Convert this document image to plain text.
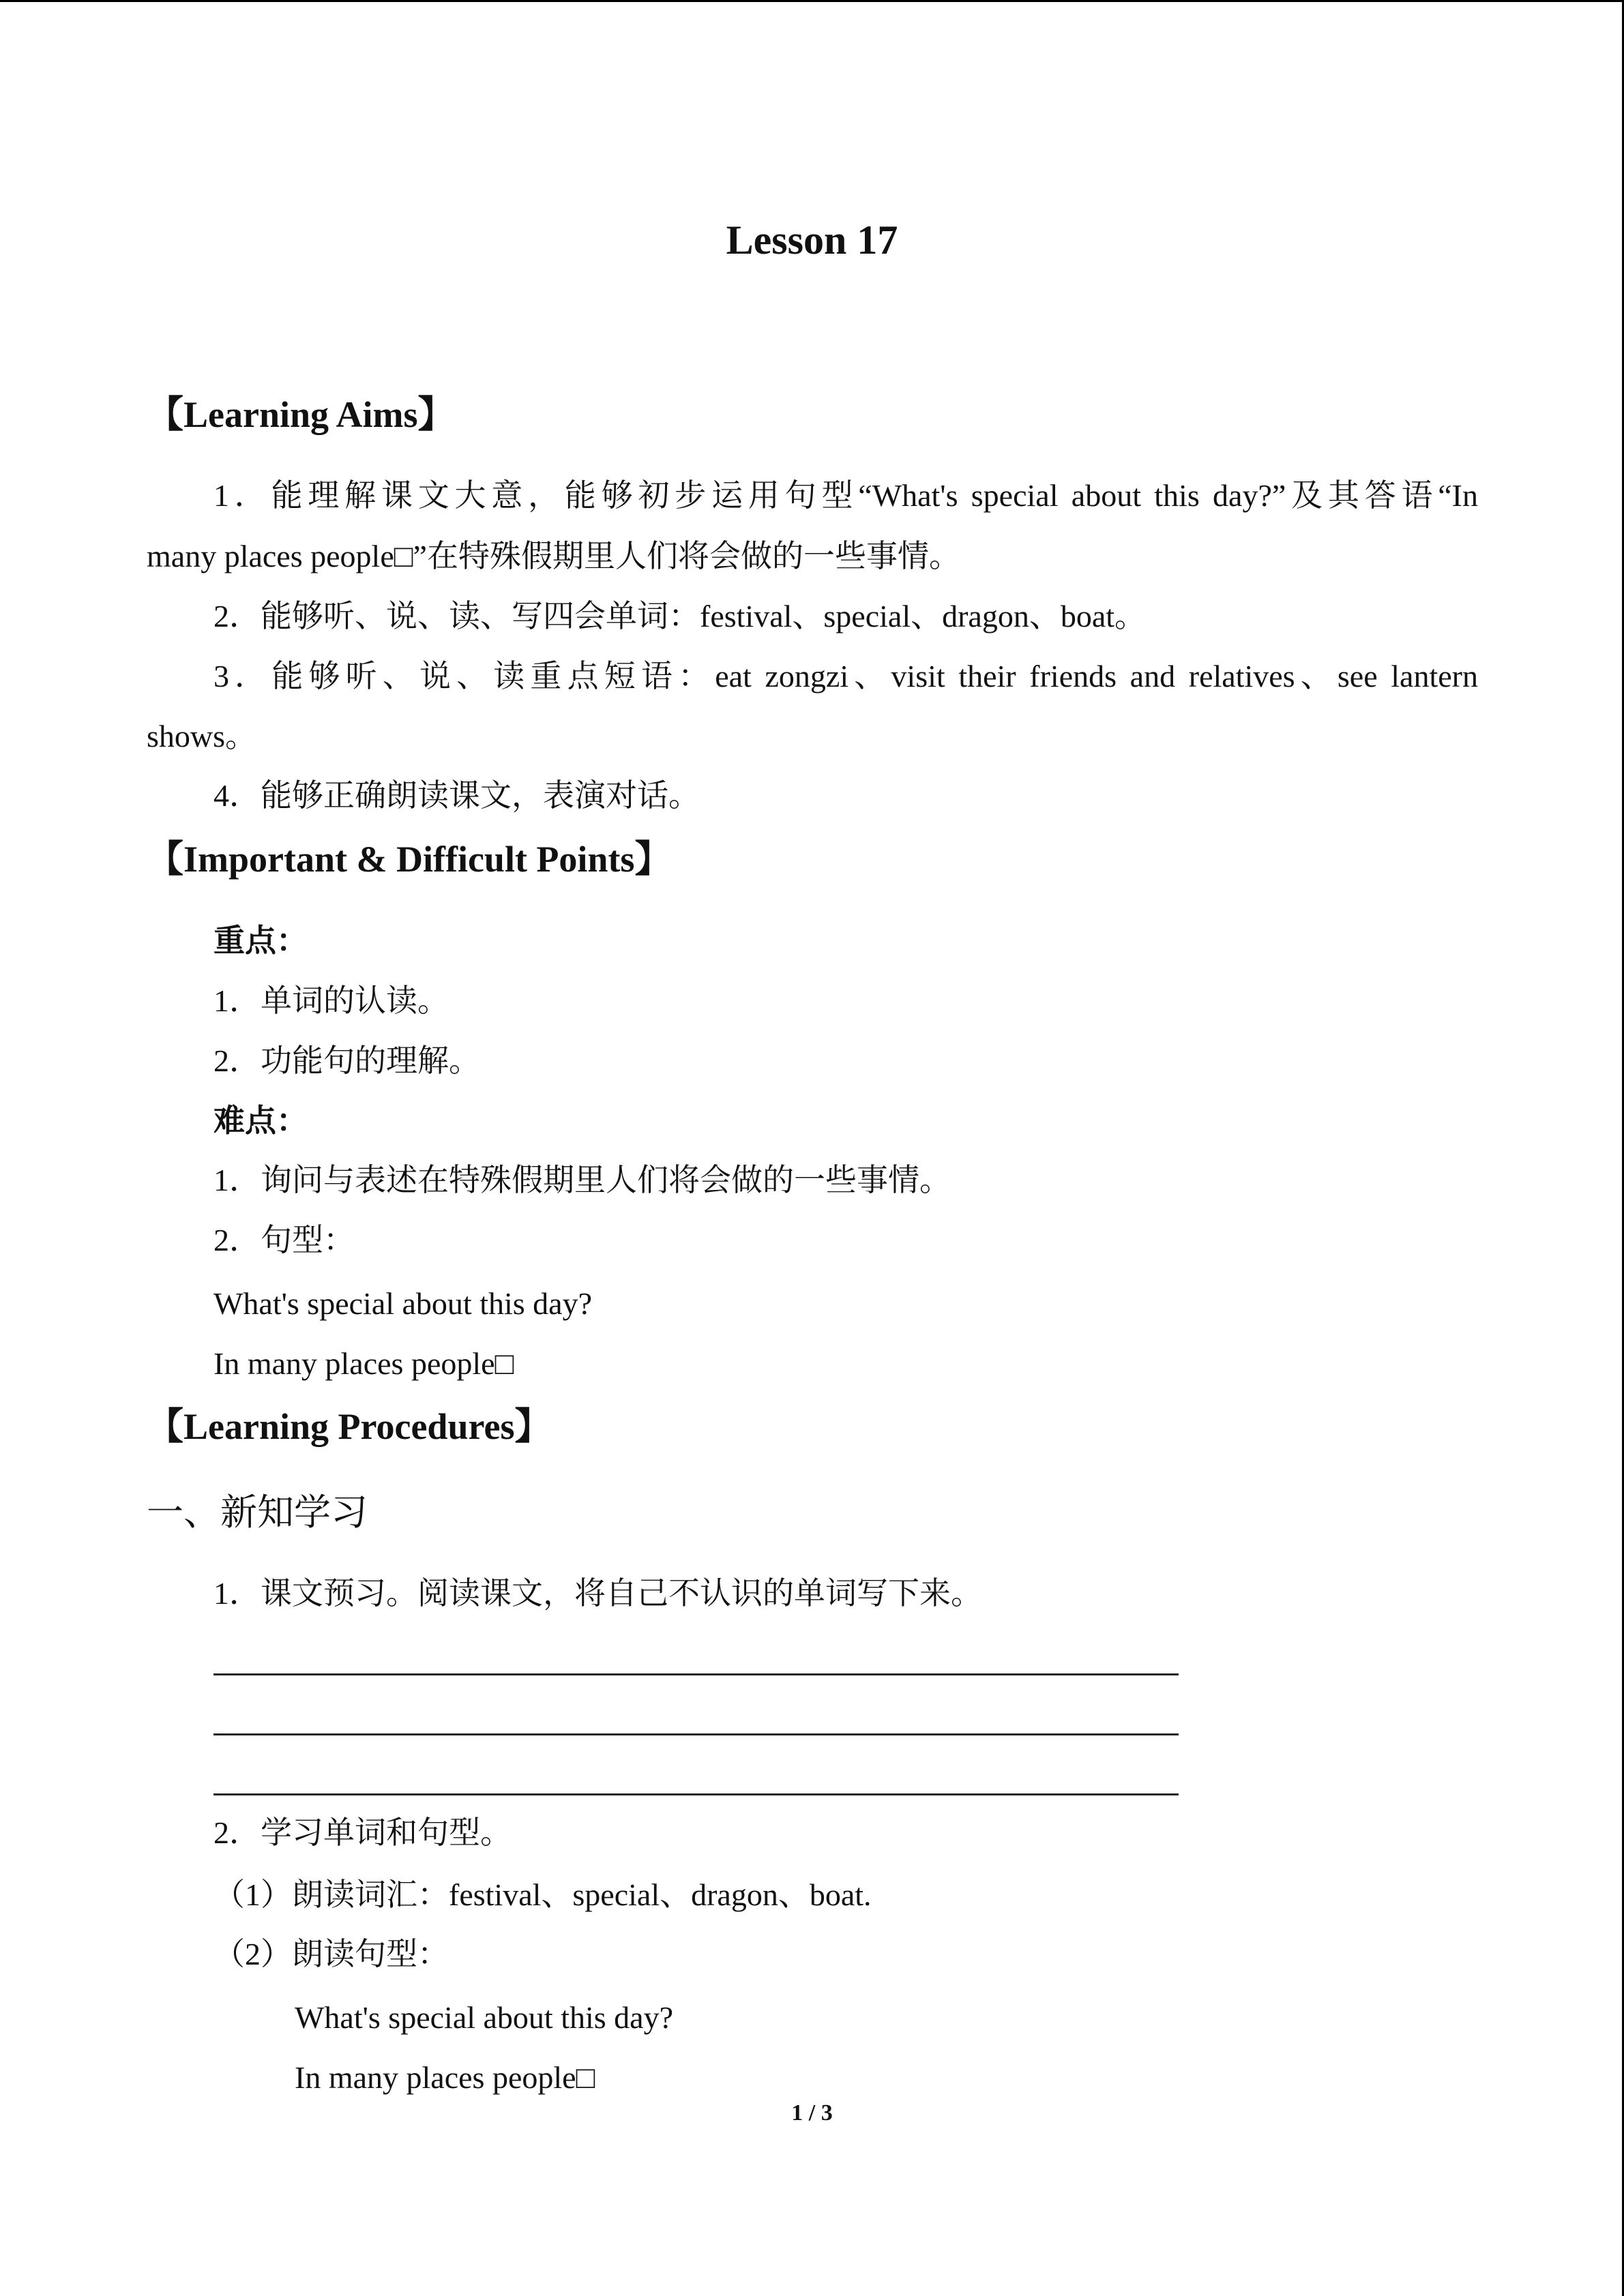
Lesson 17
【Learning Aims】
1．能理解课文大意，能够初步运用句型“What's special about this day?”及其答语“In
many places people□”在特殊假期里人们将会做的一些事情。
2．能够听、说、读、写四会单词：festival、special、dragon、boat。
3．能够听、说、读重点短语：eat zongzi、visit their friends and relatives、see lantern
shows。
4．能够正确朗读课文，表演对话。
【Important & Difficult Points】
重点：
1．单词的认读。
2．功能句的理解。
难点：
1．询问与表述在特殊假期里人们将会做的一些事情。
2．句型：
What's special about this day?
In many places people□
【Learning Procedures】
一、新知学习
1．课文预习。阅读课文，将自己不认识的单词写下来。
2．学习单词和句型。
（1）朗读词汇：festival、special、dragon、boat.
（2）朗读句型：
What's special about this day?
In many places people□
1 / 3
